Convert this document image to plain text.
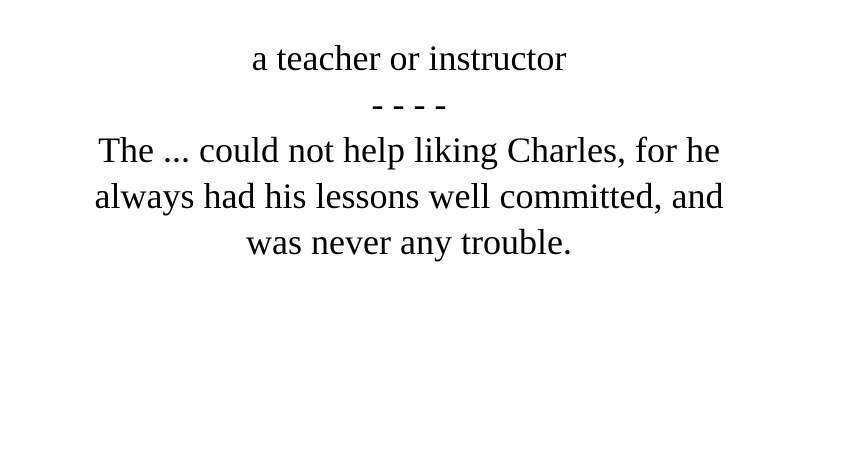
a teacher or instructor

- - - -

The ... could not help liking Charles, for he
always had his lessons well committed, and
was never any trouble.
